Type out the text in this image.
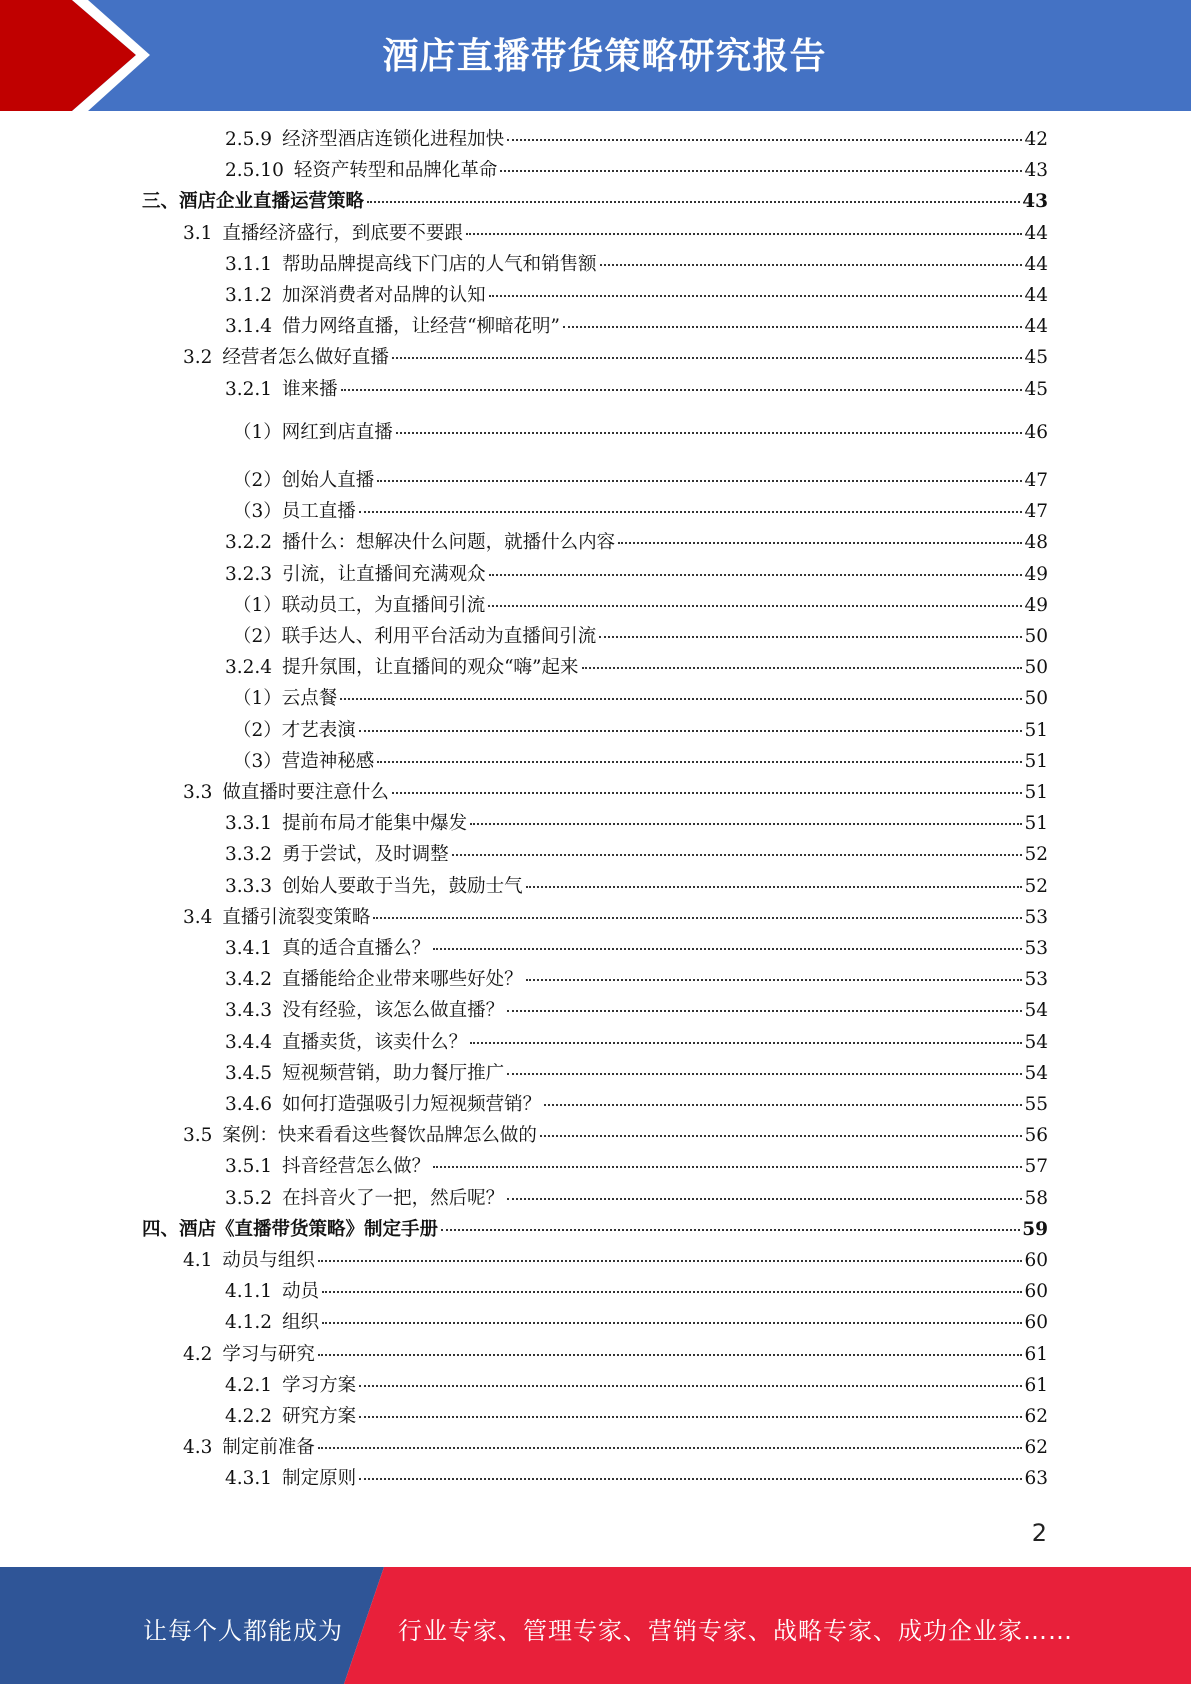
酒店直播带货策略研究报告
2.5.9 经济型酒店连锁化进程加快	42
2.5.10 轻资产转型和品牌化革命	43
三、酒店企业直播运营策略	43
3.1 直播经济盛行，到底要不要跟	44
3.1.1 帮助品牌提高线下门店的人气和销售额	44
3.1.2 加深消费者对品牌的认知	44
3.1.4 借力网络直播，让经营“柳暗花明”	44
3.2 经营者怎么做好直播	45
3.2.1 谁来播	45
（1）网红到店直播	46
（2）创始人直播	47
（3）员工直播	47
3.2.2 播什么：想解决什么问题，就播什么内容	48
3.2.3 引流，让直播间充满观众	49
（1）联动员工，为直播间引流	49
（2）联手达人、利用平台活动为直播间引流	50
3.2.4 提升氛围，让直播间的观众“嗨”起来	50
（1）云点餐	50
（2）才艺表演	51
（3）营造神秘感	51
3.3 做直播时要注意什么	51
3.3.1 提前布局才能集中爆发	51
3.3.2 勇于尝试，及时调整	52
3.3.3 创始人要敢于当先，鼓励士气	52
3.4 直播引流裂变策略	53
3.4.1 真的适合直播么？	53
3.4.2 直播能给企业带来哪些好处？	53
3.4.3 没有经验，该怎么做直播？	54
3.4.4 直播卖货，该卖什么？	54
3.4.5 短视频营销，助力餐厅推广	54
3.4.6 如何打造强吸引力短视频营销？	55
3.5 案例：快来看看这些餐饮品牌怎么做的	56
3.5.1 抖音经营怎么做？	57
3.5.2 在抖音火了一把，然后呢？	58
四、酒店《直播带货策略》制定手册	59
4.1 动员与组织	60
4.1.1 动员	60
4.1.2 组织	60
4.2 学习与研究	61
4.2.1 学习方案	61
4.2.2 研究方案	62
4.3 制定前准备	62
4.3.1 制定原则	63
2
让每个人都能成为 行业专家、管理专家、营销专家、战略专家、成功企业家……
